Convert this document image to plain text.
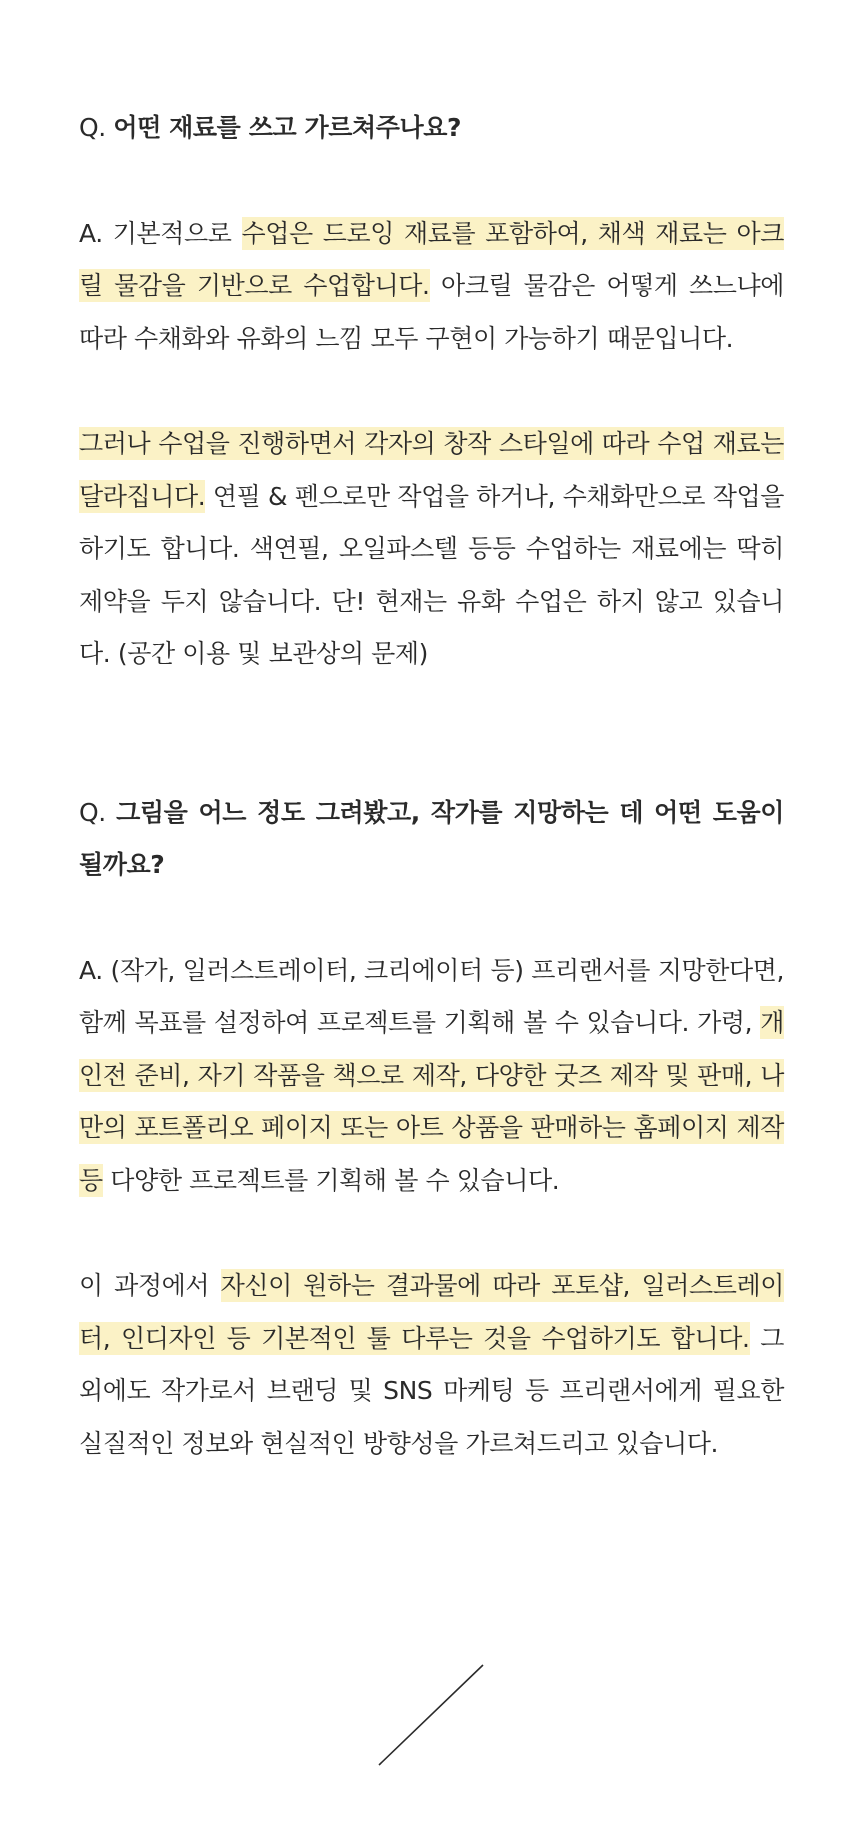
Q. 어떤 재료를 쓰고 가르쳐주나요?

A. 기본적으로 수업은 드로잉 재료를 포함하여, 채색 재료는 아크릴 물감을 기반으로 수업합니다. 아크릴 물감은 어떻게 쓰느냐에 따라 수채화와 유화의 느낌 모두 구현이 가능하기 때문입니다.

그러나 수업을 진행하면서 각자의 창작 스타일에 따라 수업 재료는 달라집니다. 연필 & 펜으로만 작업을 하거나, 수채화만으로 작업을 하기도 합니다. 색연필, 오일파스텔 등등 수업하는 재료에는 딱히 제약을 두지 않습니다. 단! 현재는 유화 수업은 하지 않고 있습니다. (공간 이용 및 보관상의 문제)

Q. 그림을 어느 정도 그려봤고, 작가를 지망하는 데 어떤 도움이 될까요?

A. (작가, 일러스트레이터, 크리에이터 등) 프리랜서를 지망한다면, 함께 목표를 설정하여 프로젝트를 기획해 볼 수 있습니다. 가령, 개인전 준비, 자기 작품을 책으로 제작, 다양한 굿즈 제작 및 판매, 나만의 포트폴리오 페이지 또는 아트 상품을 판매하는 홈페이지 제작 등 다양한 프로젝트를 기획해 볼 수 있습니다.

이 과정에서 자신이 원하는 결과물에 따라 포토샵, 일러스트레이터, 인디자인 등 기본적인 툴 다루는 것을 수업하기도 합니다. 그 외에도 작가로서 브랜딩 및 SNS 마케팅 등 프리랜서에게 필요한 실질적인 정보와 현실적인 방향성을 가르쳐드리고 있습니다.
